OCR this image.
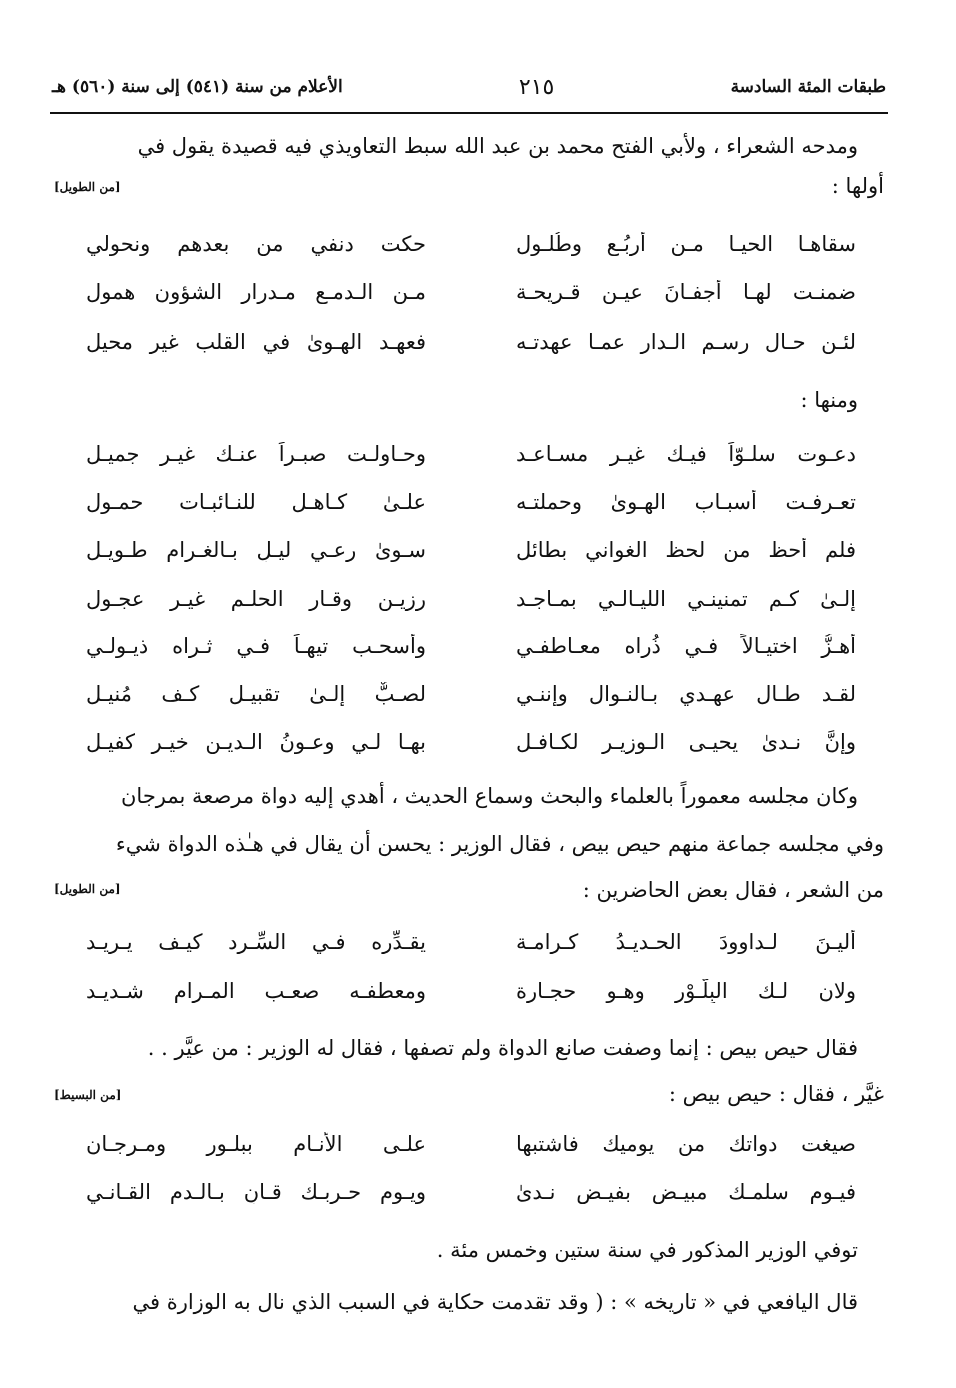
طبقات المئة السادسة
٢١٥
الأعلام من سنة (٥٤١) إلى سنة (٥٦٠) هـ
ومدحه الشعراء ، ولأبي الفتح محمد بن عبد الله سبط التعاويذي فيه قصيدة يقول في
أولها :
[من الطويل]
سقاهـا الحيـا مـن أربُـعِ وطُلـولِ
حكت دنفي من بعدهم ونحولي
ضمنـت لهـا أجفـانَ عيـن قـريحـة
مـن الـدمـع مـدرارِ الشؤون همول
لئـن حـال رسـم الـدار عمـا عهدتـه
فعهـد الهـوىٰ في القلب غير محيل
ومنها :
دعـوت سلـوّاً فيـك غيـر مسـاعـد
وحـاولـت صبـراً عنـك غيـر جميـل
تعـرفـت أسبـاب الهـوىٰ وحملتـه
علـىٰ كـاهـل للنـائبـات حمـول
فلم أحظ من لحظ الغواني بطائل
سـوىٰ رعـي ليـلٍ بـالغـرام طـويـل
إلـىٰ كـم تمنينـي الليـالـي بمـاجـد
رزيـن وقـار الحلـم غيـر عجـول
أهـزُّ اختيـالاً فـي ذُراه معـاطفـي
وأسحـب تيهـاً فـي ثـراه ذيـولـي
لقـد طـال عهـدي بـالنـوال وإننـي
لصـبٌّ إلـىٰ تقبيـل كـف مُنيـل
وإنَّ نـدىٰ يحيـى الـوزيـر لكـافـل
بهـا لـي وعـونُ الـديـن خيـر كفيـل
وكان مجلسه معموراً بالعلماء والبحث وسماع الحديث ، أهدي إليه دواة مرصعة بمرجان
وفي مجلسه جماعة منهم حيص بيص ، فقال الوزير : يحسن أن يقال في هـٰذه الدواة شيء
من الشعر ، فقال بعض الحاضرين :
[من الطويل]
أُليـنَ لـداوودَ الحـديـدُ كـرامـة
يقـدِّره فـي السِّـرد كيـف يـريـد
ولان لـك البِلَّـوْر وهـو حجـارة
ومعطفـه صعـب المـرام شـديـد
فقال حيص بيص : إنما وصفت صانع الدواة ولم تصفها ، فقال له الوزير : من عيَّر . .
غيَّر ، فقال : حيص بيص :
[من البسيط]
صيغت دواتك من يوميك فاشتبها
علـى الأنـام ببلـور ومـرجـان
فيـوم سلمـك مبيـض بفيـض نـدىٰ
ويـوم حـربـك قـانٍ بـالـدم القـانـي
توفي الوزير المذكور في سنة ستين وخمس مئة .
قال اليافعي في « تاريخه » : ( وقد تقدمت حكاية في السبب الذي نال به الوزارة في
